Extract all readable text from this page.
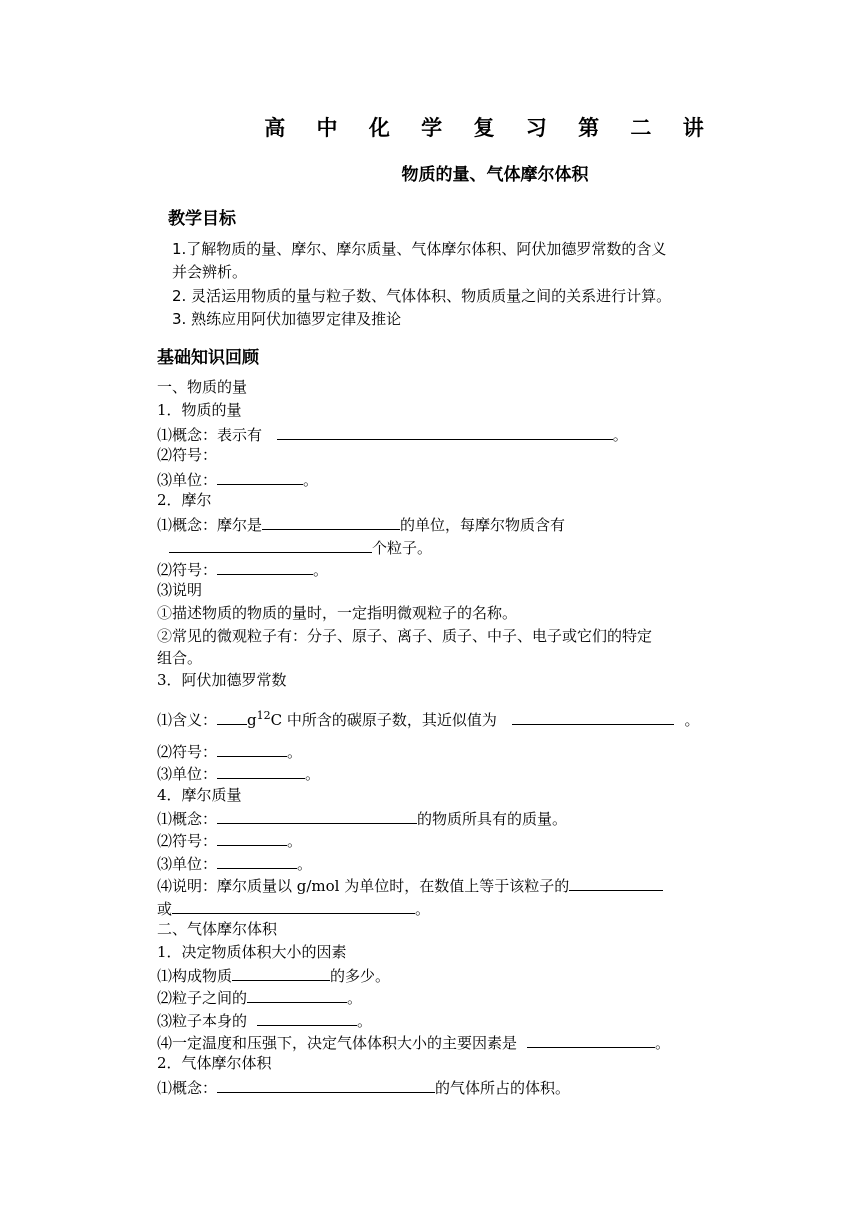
高 中 化 学 复 习 第 二 讲
物质的量、气体摩尔体积
教学目标
1.了解物质的量、摩尔、摩尔质量、气体摩尔体积、阿伏加德罗常数的含义
并会辨析。
2. 灵活运用物质的量与粒子数、气体体积、物质质量之间的关系进行计算。
3. 熟练应用阿伏加德罗定律及推论
基础知识回顾
一、物质的量
1．物质的量
⑴概念：表示有	。
⑵符号：
⑶单位：	。
2．摩尔
⑴概念：摩尔是	的单位，每摩尔物质含有
个粒子。
⑵符号：	。
⑶说明
①描述物质的物质的量时，一定指明微观粒子的名称。
②常见的微观粒子有：分子、原子、离子、质子、中子、电子或它们的特定
组合。
3．阿伏加德罗常数
⑴含义： $g^{12}C$ 中所含的碳原子数，其近似值为	。
⑵符号：	。
⑶单位：	。
4．摩尔质量
⑴概念：	的物质所具有的质量。
⑵符号：	。
⑶单位：	。
⑷说明：摩尔质量以 g/mol 为单位时，在数值上等于该粒子的
或	。
二、气体摩尔体积
1．决定物质体积大小的因素
⑴构成物质	的多少。
⑵粒子之间的	。
⑶粒子本身的	。
⑷一定温度和压强下，决定气体体积大小的主要因素是	。
2．气体摩尔体积
⑴概念：	的气体所占的体积。
